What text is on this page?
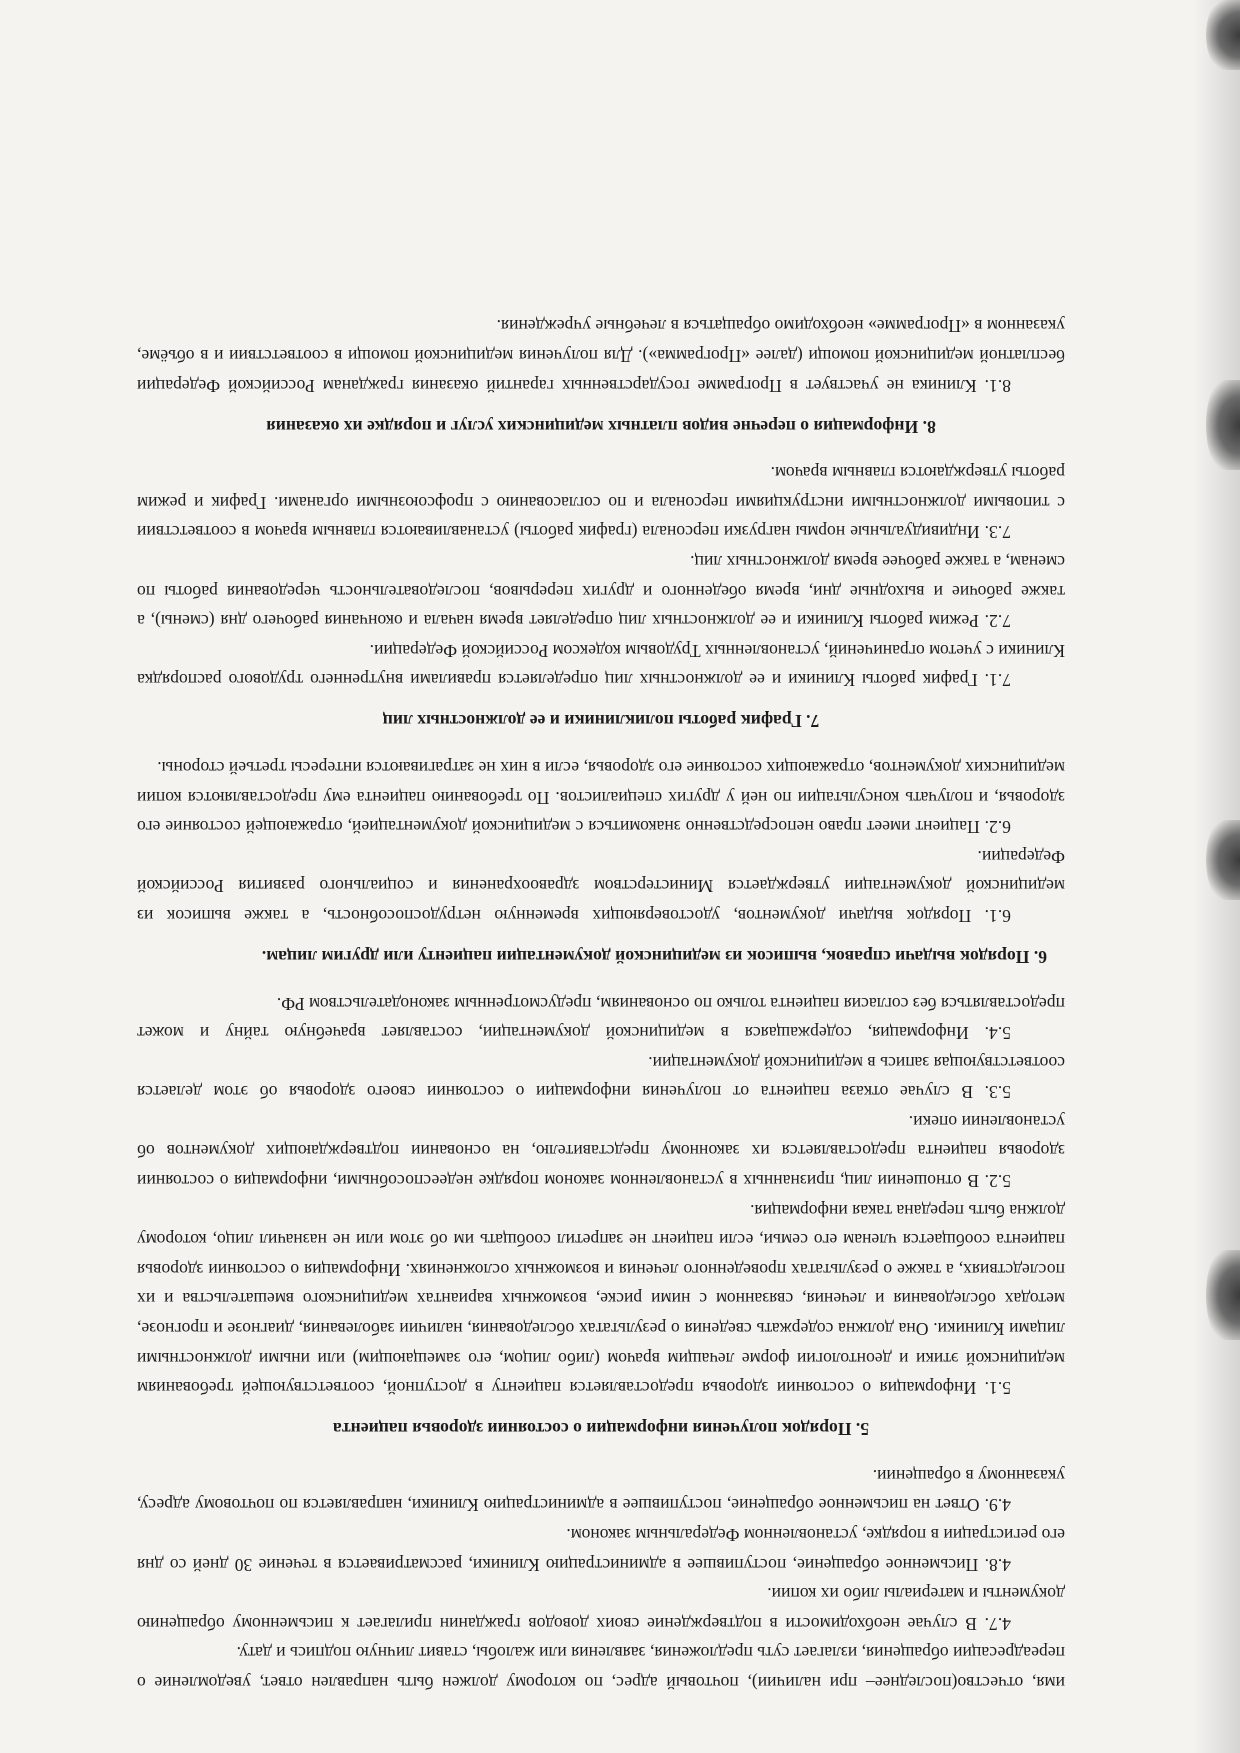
имя, отчество(последнее– при наличии), почтовый адрес, по которому должен быть направлен ответ, уведомление о переадресации обращения, излагает суть предложения, заявления или жалобы, ставит личную подпись и дату.

4.7. В случае необходимости в подтверждение своих доводов гражданин прилагает к письменному обращению документы и материалы либо их копии.

4.8. Письменное обращение, поступившее в администрацию Клиники, рассматривается в течение 30 дней со дня его регистрации в порядке, установленном Федеральным законом.

4.9. Ответ на письменное обращение, поступившее в администрацию Клиники, направляется по почтовому адресу, указанному в обращении.

5. Порядок получения информации о состоянии здоровья пациента

5.1. Информация о состоянии здоровья предоставляется пациенту в доступной, соответствующей требованиям медицинской этики и деонтологии форме лечащим врачом (либо лицом, его замещающим) или иными должностными лицами Клиники. Она должна содержать сведения о результатах обследования, наличии заболевания, диагнозе и прогнозе, методах обследования и лечения, связанном с ними риске, возможных вариантах медицинского вмешательства и их последствиях, а также о результатах проведенного лечения и возможных осложнениях. Информация о состоянии здоровья пациента сообщается членам его семьи, если пациент не запретил сообщать им об этом или не назначил лицо, которому должна быть передана такая информация.

5.2. В отношении лиц, признанных в установленном законом порядке недееспособными, информация о состоянии здоровья пациента предоставляется их законному представителю, на основании подтверждающих документов об установлении опеки.

5.3. В случае отказа пациента от получения информации о состоянии своего здоровья об этом делается соответствующая запись в медицинской документации.

5.4. Информация, содержащаяся в медицинской документации, составляет врачебную тайну и может предоставляться без согласия пациента только по основаниям, предусмотренным законодательством РФ.

6. Порядок выдачи справок, выписок из медицинской документации пациенту или другим лицам.

6.1. Порядок выдачи документов, удостоверяющих временную нетрудоспособность, а также выписок из медицинской документации утверждается Министерством здравоохранения и социального развития Российской Федерации.

6.2. Пациент имеет право непосредственно знакомиться с медицинской документацией, отражающей состояние его здоровья, и получать консультации по ней у других специалистов. По требованию пациента ему предоставляются копии медицинских документов, отражающих состояние его здоровья, если в них не затрагиваются интересы третьей стороны.

7. График работы поликлиники и ее должностных лиц

7.1. График работы Клиники и ее должностных лиц определяется правилами внутреннего трудового распорядка Клиники с учетом ограничений, установленных Трудовым кодексом Российской Федерации.

7.2. Режим работы Клиники и ее должностных лиц определяет время начала и окончания рабочего дня (смены), а также рабочие и выходные дни, время обеденного и других перерывов, последовательность чередования работы по сменам, а также рабочее время должностных лиц.

7.3. Индивидуальные нормы нагрузки персонала (график работы) устанавливаются главным врачом в соответствии с типовыми должностными инструкциями персонала и по согласованию с профсоюзными органами. График и режим работы утверждаются главным врачом.

8. Информация о перечне видов платных медицинских услуг и порядке их оказания

8.1. Клиника не участвует в Программе государственных гарантий оказания гражданам Российской Федерации бесплатной медицинской помощи (далее «Программа»). Для получения медицинской помощи в соответствии и в объёме, указанном в «Программе» необходимо обращаться в лечебные учреждения.
